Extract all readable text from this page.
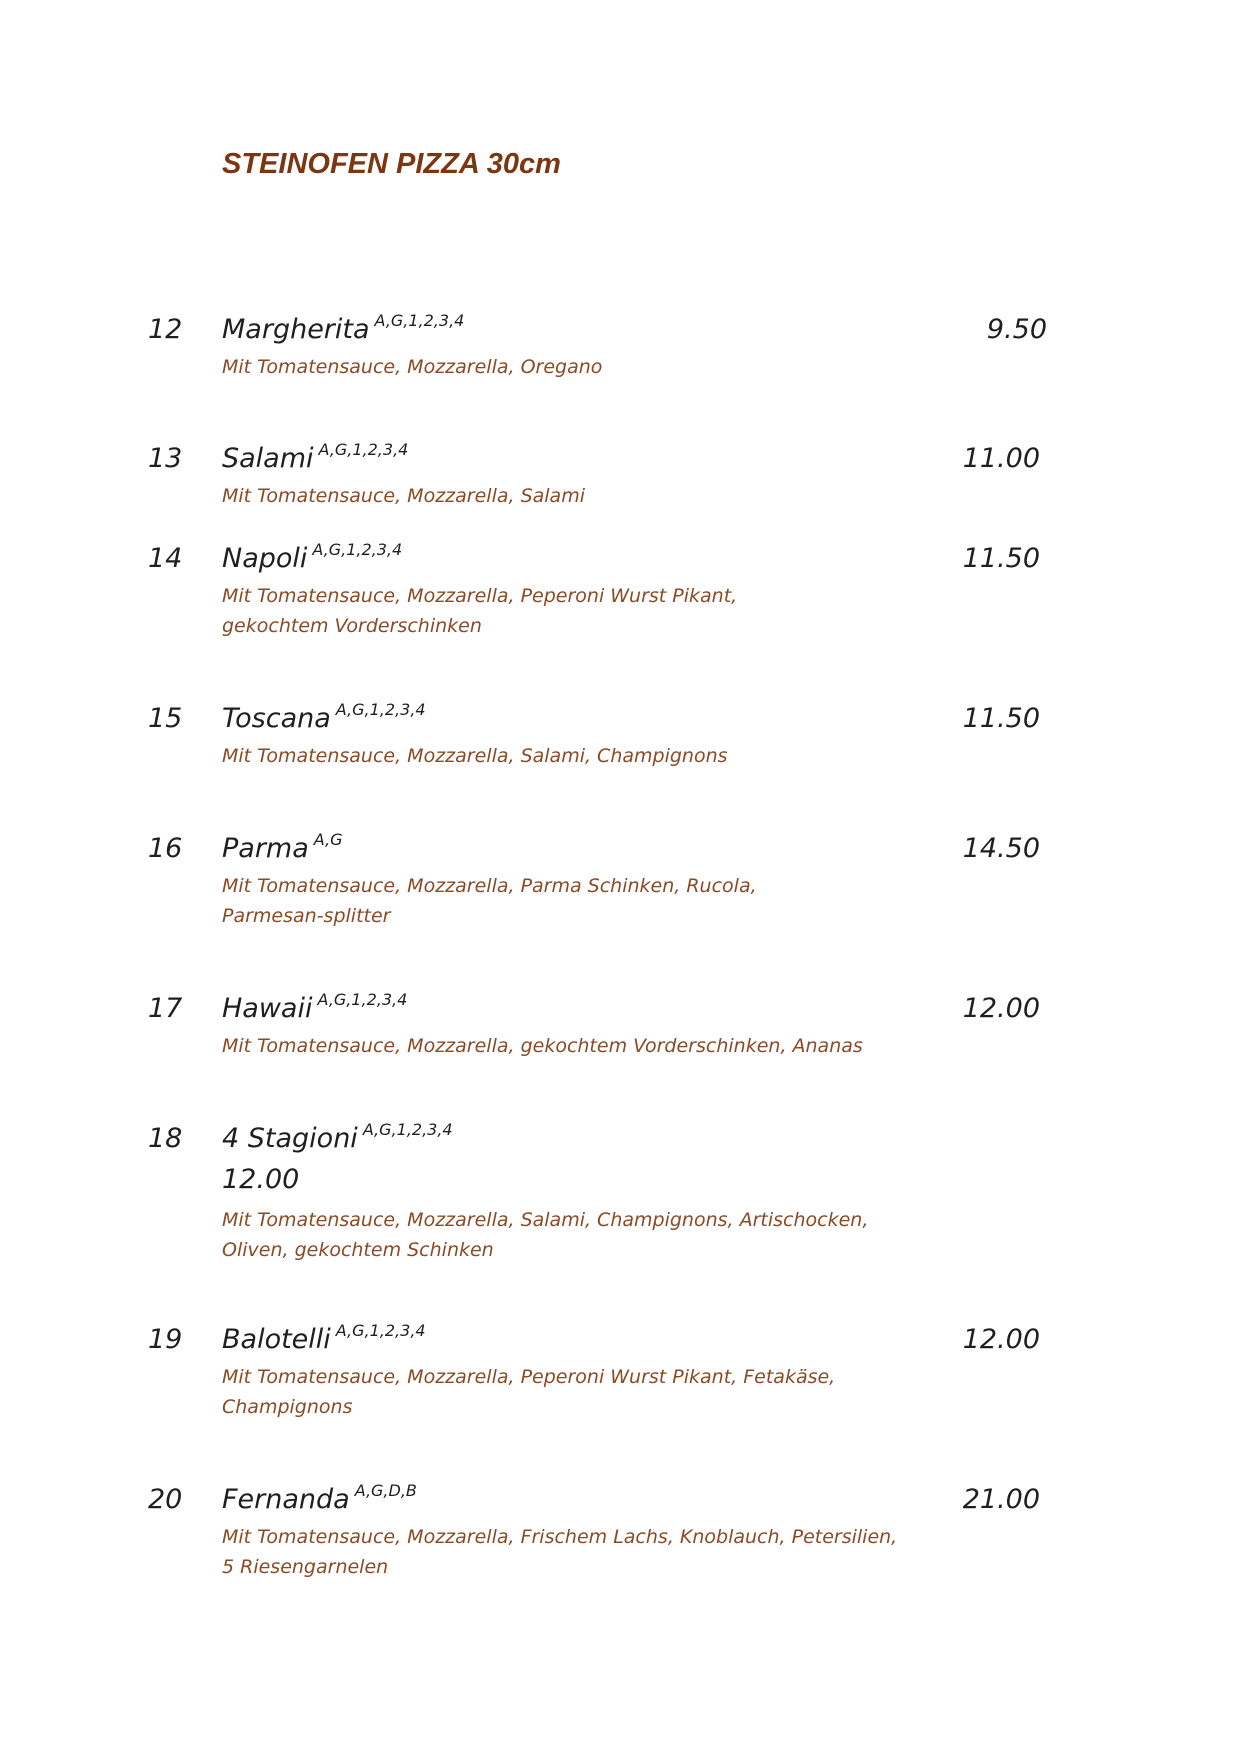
STEINOFEN PIZZA 30cm
12 Margherita $^{A,G,1,2,3,4}$	9.50
Mit Tomatensauce, Mozzarella, Oregano
13 Salami $^{A,G,1,2,3,4}$	11.00
Mit Tomatensauce, Mozzarella, Salami
14 Napoli $^{A,G,1,2,3,4}$	11.50
Mit Tomatensauce, Mozzarella, Peperoni Wurst Pikant,
gekochtem Vorderschinken
15 Toscana $^{A,G,1,2,3,4}$	11.50
Mit Tomatensauce, Mozzarella, Salami, Champignons
16 Parma $^{A,G}$	14.50
Mit Tomatensauce, Mozzarella, Parma Schinken, Rucola,
Parmesan-splitter
17 Hawaii $^{A,G,1,2,3,4}$	12.00
Mit Tomatensauce, Mozzarella, gekochtem Vorderschinken, Ananas
18 4 Stagioni $^{A,G,1,2,3,4}$
12.00
Mit Tomatensauce, Mozzarella, Salami, Champignons, Artischocken,
Oliven, gekochtem Schinken
19 Balotelli $^{A,G,1,2,3,4}$	12.00
Mit Tomatensauce, Mozzarella, Peperoni Wurst Pikant, Fetakäse,
Champignons
20 Fernanda $^{A,G,D,B}$	21.00
Mit Tomatensauce, Mozzarella, Frischem Lachs, Knoblauch, Petersilien,
5 Riesengarnelen
